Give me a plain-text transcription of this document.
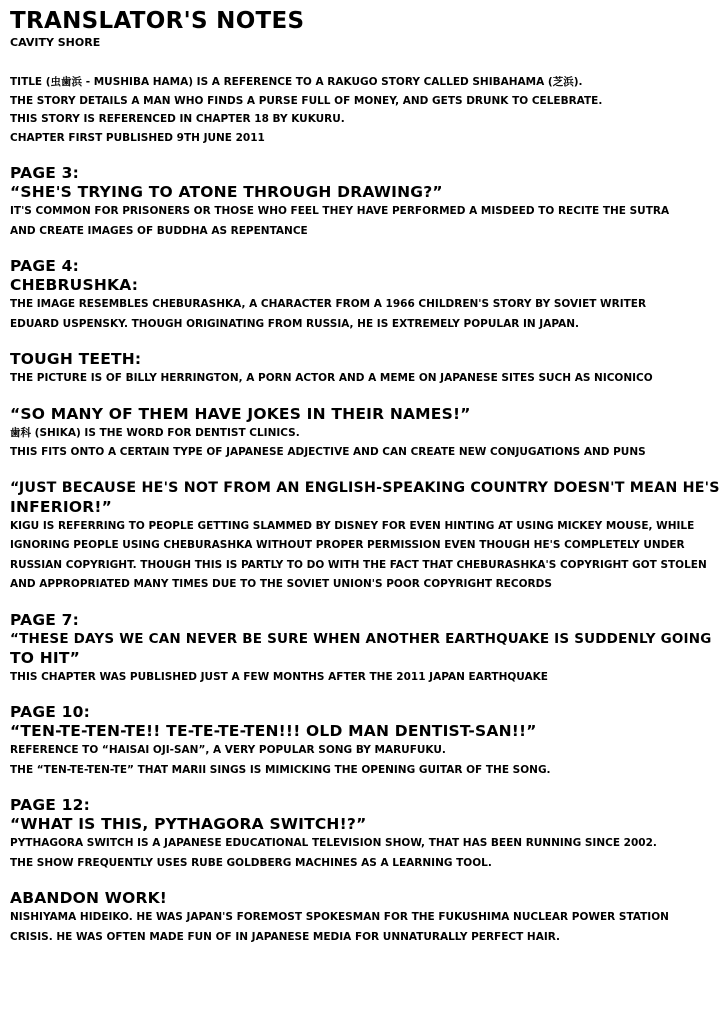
TRANSLATOR'S NOTES
CAVITY SHORE

TITLE (虫歯浜 - MUSHIBA HAMA) IS A REFERENCE TO A RAKUGO STORY CALLED SHIBAHAMA (芝浜).

THE STORY DETAILS A MAN WHO FINDS A PURSE FULL OF MONEY, AND GETS DRUNK TO CELEBRATE.

THIS STORY IS REFERENCED IN CHAPTER 18 BY KUKURU.

CHAPTER FIRST PUBLISHED 9TH JUNE 2011

PAGE 3:
“SHE'S TRYING TO ATONE THROUGH DRAWING?”
IT'S COMMON FOR PRISONERS OR THOSE WHO FEEL THEY HAVE PERFORMED A MISDEED TO RECITE THE SUTRA
AND CREATE IMAGES OF BUDDHA AS REPENTANCE
PAGE 4:
CHEBRUSHKA:
THE IMAGE RESEMBLES CHEBURASHKA, A CHARACTER FROM A 1966 CHILDREN'S STORY BY SOVIET WRITER
EDUARD USPENSKY. THOUGH ORIGINATING FROM RUSSIA, HE IS EXTREMELY POPULAR IN JAPAN.
TOUGH TEETH:
THE PICTURE IS OF BILLY HERRINGTON, A PORN ACTOR AND A MEME ON JAPANESE SITES SUCH AS NICONICO
“SO MANY OF THEM HAVE JOKES IN THEIR NAMES!”
歯科 (SHIKA) IS THE WORD FOR DENTIST CLINICS.
THIS FITS ONTO A CERTAIN TYPE OF JAPANESE ADJECTIVE AND CAN CREATE NEW CONJUGATIONS AND PUNS
“JUST BECAUSE HE'S NOT FROM AN ENGLISH-SPEAKING COUNTRY DOESN'T MEAN HE'S
INFERIOR!”
KIGU IS REFERRING TO PEOPLE GETTING SLAMMED BY DISNEY FOR EVEN HINTING AT USING MICKEY MOUSE, WHILE
IGNORING PEOPLE USING CHEBURASHKA WITHOUT PROPER PERMISSION EVEN THOUGH HE'S COMPLETELY UNDER
RUSSIAN COPYRIGHT. THOUGH THIS IS PARTLY TO DO WITH THE FACT THAT CHEBURASHKA'S COPYRIGHT GOT STOLEN
AND APPROPRIATED MANY TIMES DUE TO THE SOVIET UNION'S POOR COPYRIGHT RECORDS
PAGE 7:
“THESE DAYS WE CAN NEVER BE SURE WHEN ANOTHER EARTHQUAKE IS SUDDENLY GOING
TO HIT”
THIS CHAPTER WAS PUBLISHED JUST A FEW MONTHS AFTER THE 2011 JAPAN EARTHQUAKE
PAGE 10:
“TEN-TE-TEN-TE!! TE-TE-TE-TEN!!! OLD MAN DENTIST-SAN!!”
REFERENCE TO “HAISAI OJI-SAN”, A VERY POPULAR SONG BY MARUFUKU.
THE “TEN-TE-TEN-TE” THAT MARII SINGS IS MIMICKING THE OPENING GUITAR OF THE SONG.
PAGE 12:
“WHAT IS THIS, PYTHAGORA SWITCH!?”
PYTHAGORA SWITCH IS A JAPANESE EDUCATIONAL TELEVISION SHOW, THAT HAS BEEN RUNNING SINCE 2002.
THE SHOW FREQUENTLY USES RUBE GOLDBERG MACHINES AS A LEARNING TOOL.
ABANDON WORK!
NISHIYAMA HIDEIKO. HE WAS JAPAN'S FOREMOST SPOKESMAN FOR THE FUKUSHIMA NUCLEAR POWER STATION
CRISIS. HE WAS OFTEN MADE FUN OF IN JAPANESE MEDIA FOR UNNATURALLY PERFECT HAIR.
